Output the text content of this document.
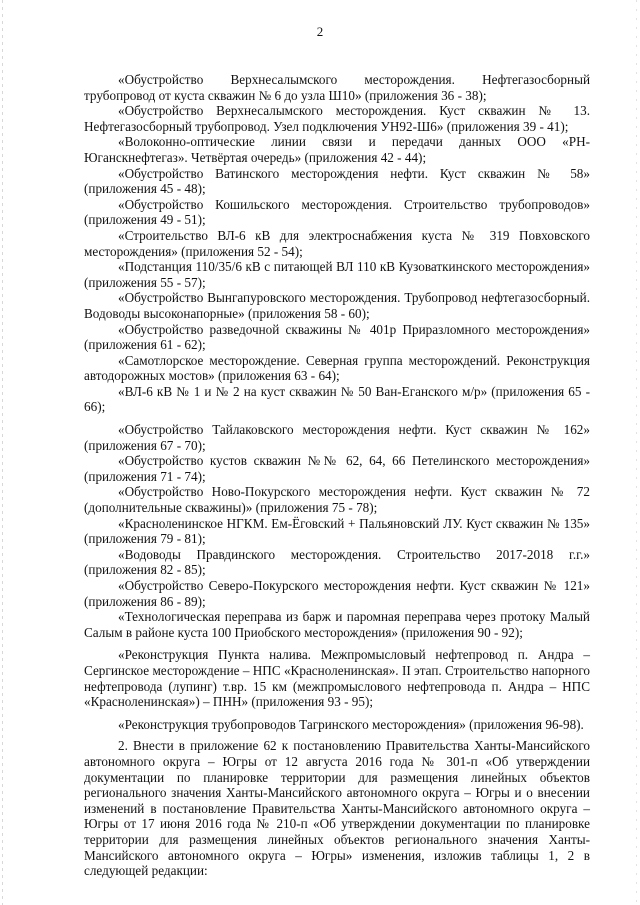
2

«Обустройство Верхнесалымского месторождения. Нефтегазосборный трубопровод от куста скважин № 6 до узла Ш10» (приложения 36 - 38);

«Обустройство Верхнесалымского месторождения. Куст скважин № 13. Нефтегазосборный трубопровод. Узел подключения УН92-Ш6» (приложения 39 - 41);

«Волоконно-оптические линии связи и передачи данных ООО «РН-Юганскнефтегаз». Четвёртая очередь» (приложения 42 - 44);

«Обустройство Ватинского месторождения нефти. Куст скважин № 58» (приложения 45 - 48);

«Обустройство Кошильского месторождения. Строительство трубопроводов» (приложения 49 - 51);

«Строительство ВЛ-6 кВ для электроснабжения куста № 319 Повховского месторождения» (приложения 52 - 54);

«Подстанция 110/35/6 кВ с питающей ВЛ 110 кВ Кузоваткинского месторождения» (приложения 55 - 57);

«Обустройство Вынгапуровского месторождения. Трубопровод нефтегазосборный. Водоводы высоконапорные» (приложения 58 - 60);

«Обустройство разведочной скважины № 401р Приразломного месторождения» (приложения 61 - 62);

«Самотлорское месторождение. Северная группа месторождений. Реконструкция автодорожных мостов» (приложения 63 - 64);

«ВЛ-6 кВ № 1 и № 2 на куст скважин № 50 Ван-Еганского м/р» (приложения 65 - 66);

«Обустройство Тайлаковского месторождения нефти. Куст скважин № 162» (приложения 67 - 70);

«Обустройство кустов скважин №№ 62, 64, 66 Петелинского месторождения» (приложения 71 - 74);

«Обустройство Ново-Покурского месторождения нефти. Куст скважин № 72 (дополнительные скважины)» (приложения 75 - 78);

«Красноленинское НГКМ. Ем-Ёговский + Пальяновский ЛУ. Куст скважин № 135» (приложения 79 - 81);

«Водоводы Правдинского месторождения. Строительство 2017-2018 г.г.» (приложения 82 - 85);

«Обустройство Северо-Покурского месторождения нефти. Куст скважин № 121» (приложения 86 - 89);

«Технологическая переправа из барж и паромная переправа через протоку Малый Салым в районе куста 100 Приобского месторождения» (приложения 90 - 92);

«Реконструкция Пункта налива. Межпромысловый нефтепровод п. Андра – Сергинское месторождение – НПС «Красноленинская». II этап. Строительство напорного нефтепровода (лупинг) т.вр. 15 км (межпромыслового нефтепровода п. Андра – НПС «Красноленинская») – ПНН» (приложения 93 - 95);

«Реконструкция трубопроводов Тагринского месторождения» (приложения 96-98).

2. Внести в приложение 62 к постановлению Правительства Ханты-Мансийского автономного округа – Югры от 12 августа 2016 года № 301-п «Об утверждении документации по планировке территории для размещения линейных объектов регионального значения Ханты-Мансийского автономного округа – Югры и о внесении изменений в постановление Правительства Ханты-Мансийского автономного округа – Югры от 17 июня 2016 года № 210-п «Об утверждении документации по планировке территории для размещения линейных объектов регионального значения Ханты-Мансийского автономного округа – Югры» изменения, изложив таблицы 1, 2 в следующей редакции:
